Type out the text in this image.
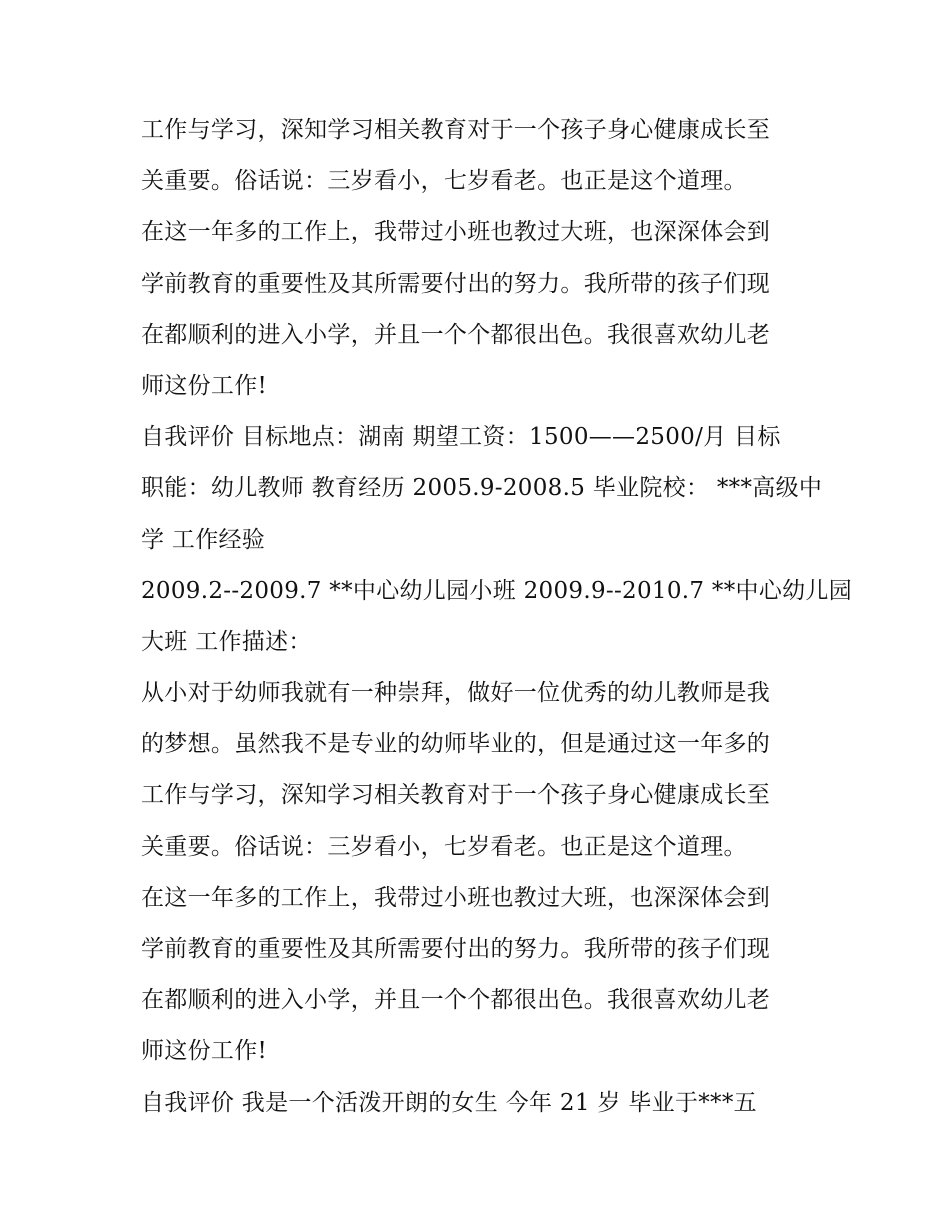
工作与学习，深知学习相关教育对于一个孩子身心健康成长至
关重要。俗话说：三岁看小，七岁看老。也正是这个道理。
在这一年多的工作上，我带过小班也教过大班，也深深体会到
学前教育的重要性及其所需要付出的努力。我所带的孩子们现
在都顺利的进入小学，并且一个个都很出色。我很喜欢幼儿老
师这份工作!
自我评价 目标地点：湖南 期望工资：1500——2500/月 目标
职能：幼儿教师 教育经历 2005.9-2008.5 毕业院校： ***高级中
学 工作经验
2009.2--2009.7 **中心幼儿园小班 2009.9--2010.7 **中心幼儿园
大班 工作描述：
从小对于幼师我就有一种崇拜，做好一位优秀的幼儿教师是我
的梦想。虽然我不是专业的幼师毕业的，但是通过这一年多的
工作与学习，深知学习相关教育对于一个孩子身心健康成长至
关重要。俗话说：三岁看小，七岁看老。也正是这个道理。
在这一年多的工作上，我带过小班也教过大班，也深深体会到
学前教育的重要性及其所需要付出的努力。我所带的孩子们现
在都顺利的进入小学，并且一个个都很出色。我很喜欢幼儿老
师这份工作!
自我评价 我是一个活泼开朗的女生 今年 21 岁 毕业于***五
